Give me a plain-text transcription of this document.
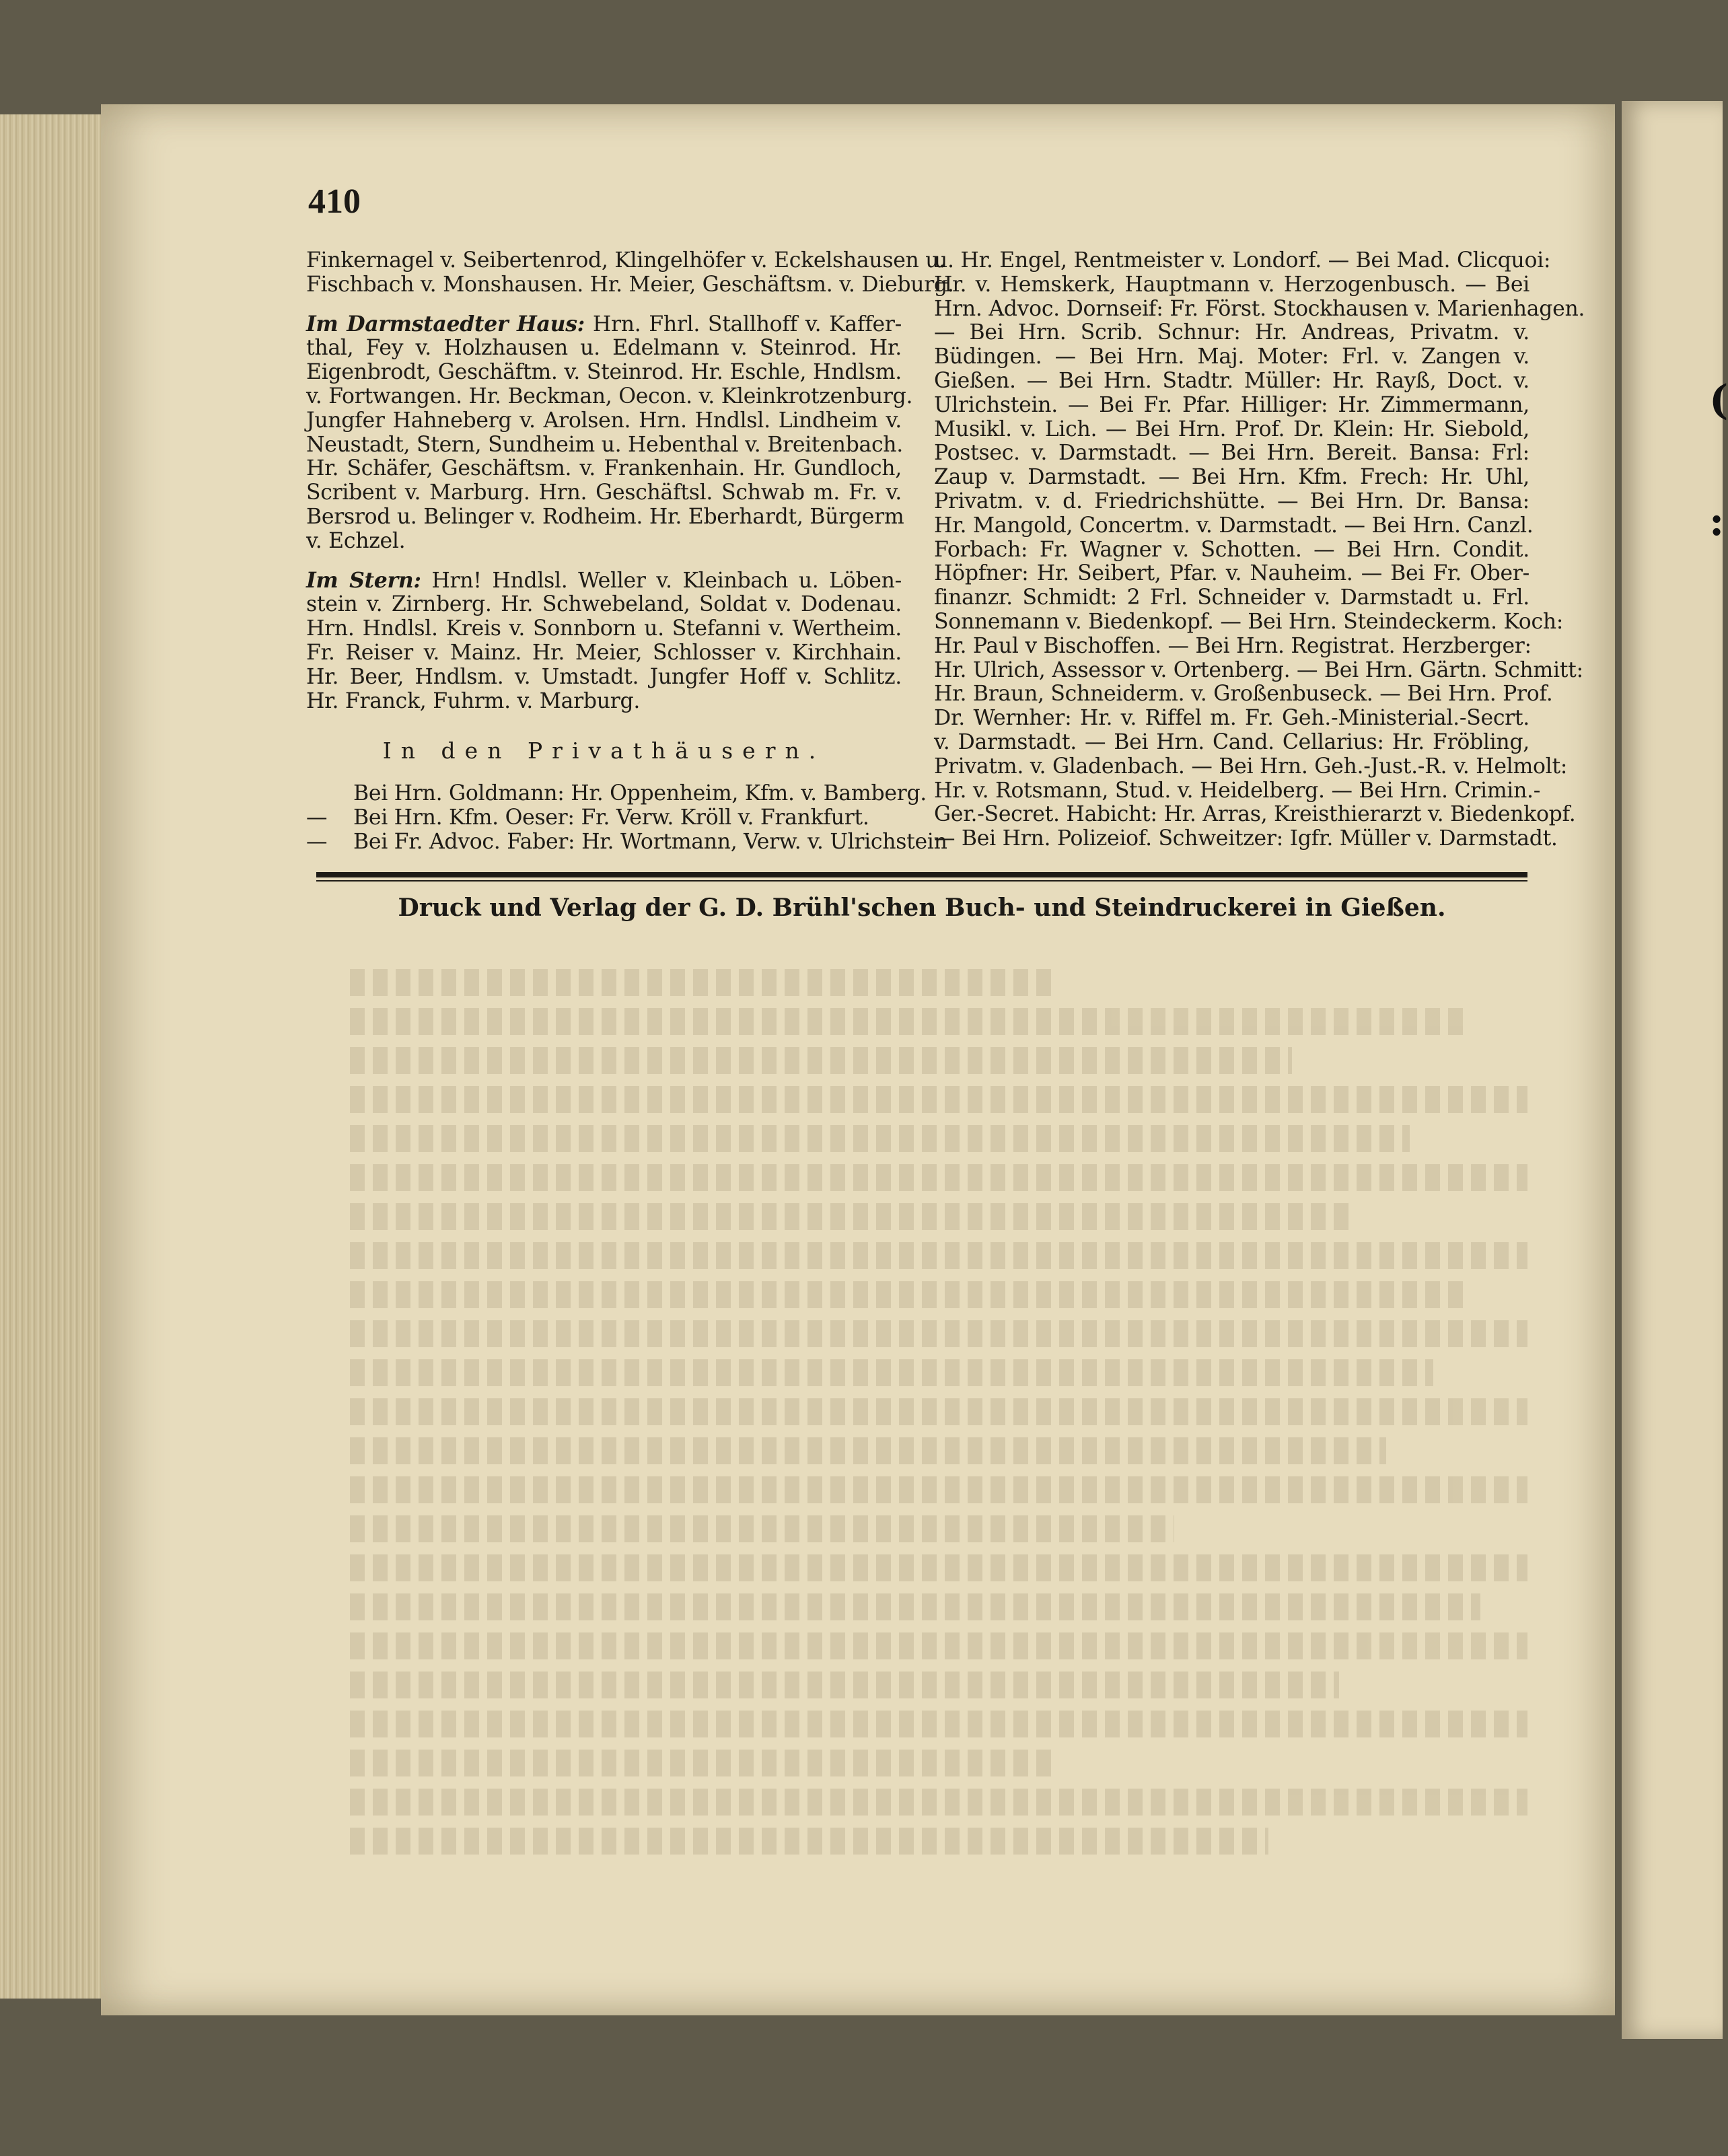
(
:
410
Finkernagel v. Seibertenrod, Klingelhöfer v. Eckelshausen u.
Fischbach v. Monshausen. Hr. Meier, Geschäftsm. v. Dieburg.
Im Darmstaedter Haus: Hrn. Fhrl. Stallhoff v. Kaffer-
thal, Fey v. Holzhausen u. Edelmann v. Steinrod. Hr.
Eigenbrodt, Geschäftm. v. Steinrod. Hr. Eschle, Hndlsm.
v. Fortwangen. Hr. Beckman, Oecon. v. Kleinkrotzenburg.
Jungfer Hahneberg v. Arolsen. Hrn. Hndlsl. Lindheim v.
Neustadt, Stern, Sundheim u. Hebenthal v. Breitenbach.
Hr. Schäfer, Geschäftsm. v. Frankenhain. Hr. Gundloch,
Scribent v. Marburg. Hrn. Geschäftsl. Schwab m. Fr. v.
Bersrod u. Belinger v. Rodheim. Hr. Eberhardt, Bürgerm
v. Echzel.
Im Stern: Hrn! Hndlsl. Weller v. Kleinbach u. Löben-
stein v. Zirnberg. Hr. Schwebeland, Soldat v. Dodenau.
Hrn. Hndlsl. Kreis v. Sonnborn u. Stefanni v. Wertheim.
Fr. Reiser v. Mainz. Hr. Meier, Schlosser v. Kirchhain.
Hr. Beer, Hndlsm. v. Umstadt. Jungfer Hoff v. Schlitz.
Hr. Franck, Fuhrm. v. Marburg.
In den Privathäusern.
Bei Hrn. Goldmann: Hr. Oppenheim, Kfm. v. Bamberg.
— Bei Hrn. Kfm. Oeser: Fr. Verw. Kröll v. Frankfurt.
— Bei Fr. Advoc. Faber: Hr. Wortmann, Verw. v. Ulrichstein
u. Hr. Engel, Rentmeister v. Londorf. — Bei Mad. Clicquoi:
Hr. v. Hemskerk, Hauptmann v. Herzogenbusch. — Bei
Hrn. Advoc. Dornseif: Fr. Först. Stockhausen v. Marienhagen.
— Bei Hrn. Scrib. Schnur: Hr. Andreas, Privatm. v.
Büdingen. — Bei Hrn. Maj. Moter: Frl. v. Zangen v.
Gießen. — Bei Hrn. Stadtr. Müller: Hr. Rayß, Doct. v.
Ulrichstein. — Bei Fr. Pfar. Hilliger: Hr. Zimmermann,
Musikl. v. Lich. — Bei Hrn. Prof. Dr. Klein: Hr. Siebold,
Postsec. v. Darmstadt. — Bei Hrn. Bereit. Bansa: Frl:
Zaup v. Darmstadt. — Bei Hrn. Kfm. Frech: Hr. Uhl,
Privatm. v. d. Friedrichshütte. — Bei Hrn. Dr. Bansa:
Hr. Mangold, Concertm. v. Darmstadt. — Bei Hrn. Canzl.
Forbach: Fr. Wagner v. Schotten. — Bei Hrn. Condit.
Höpfner: Hr. Seibert, Pfar. v. Nauheim. — Bei Fr. Ober-
finanzr. Schmidt: 2 Frl. Schneider v. Darmstadt u. Frl.
Sonnemann v. Biedenkopf. — Bei Hrn. Steindeckerm. Koch:
Hr. Paul v Bischoffen. — Bei Hrn. Registrat. Herzberger:
Hr. Ulrich, Assessor v. Ortenberg. — Bei Hrn. Gärtn. Schmitt:
Hr. Braun, Schneiderm. v. Großenbuseck. — Bei Hrn. Prof.
Dr. Wernher: Hr. v. Riffel m. Fr. Geh.-Ministerial.-Secrt.
v. Darmstadt. — Bei Hrn. Cand. Cellarius: Hr. Fröbling,
Privatm. v. Gladenbach. — Bei Hrn. Geh.-Just.-R. v. Helmolt:
Hr. v. Rotsmann, Stud. v. Heidelberg. — Bei Hrn. Crimin.-
Ger.-Secret. Habicht: Hr. Arras, Kreisthierarzt v. Biedenkopf.
— Bei Hrn. Polizeiof. Schweitzer: Igfr. Müller v. Darmstadt.
Druck und Verlag der G. D. Brühl'schen Buch- und Steindruckerei in Gießen.
